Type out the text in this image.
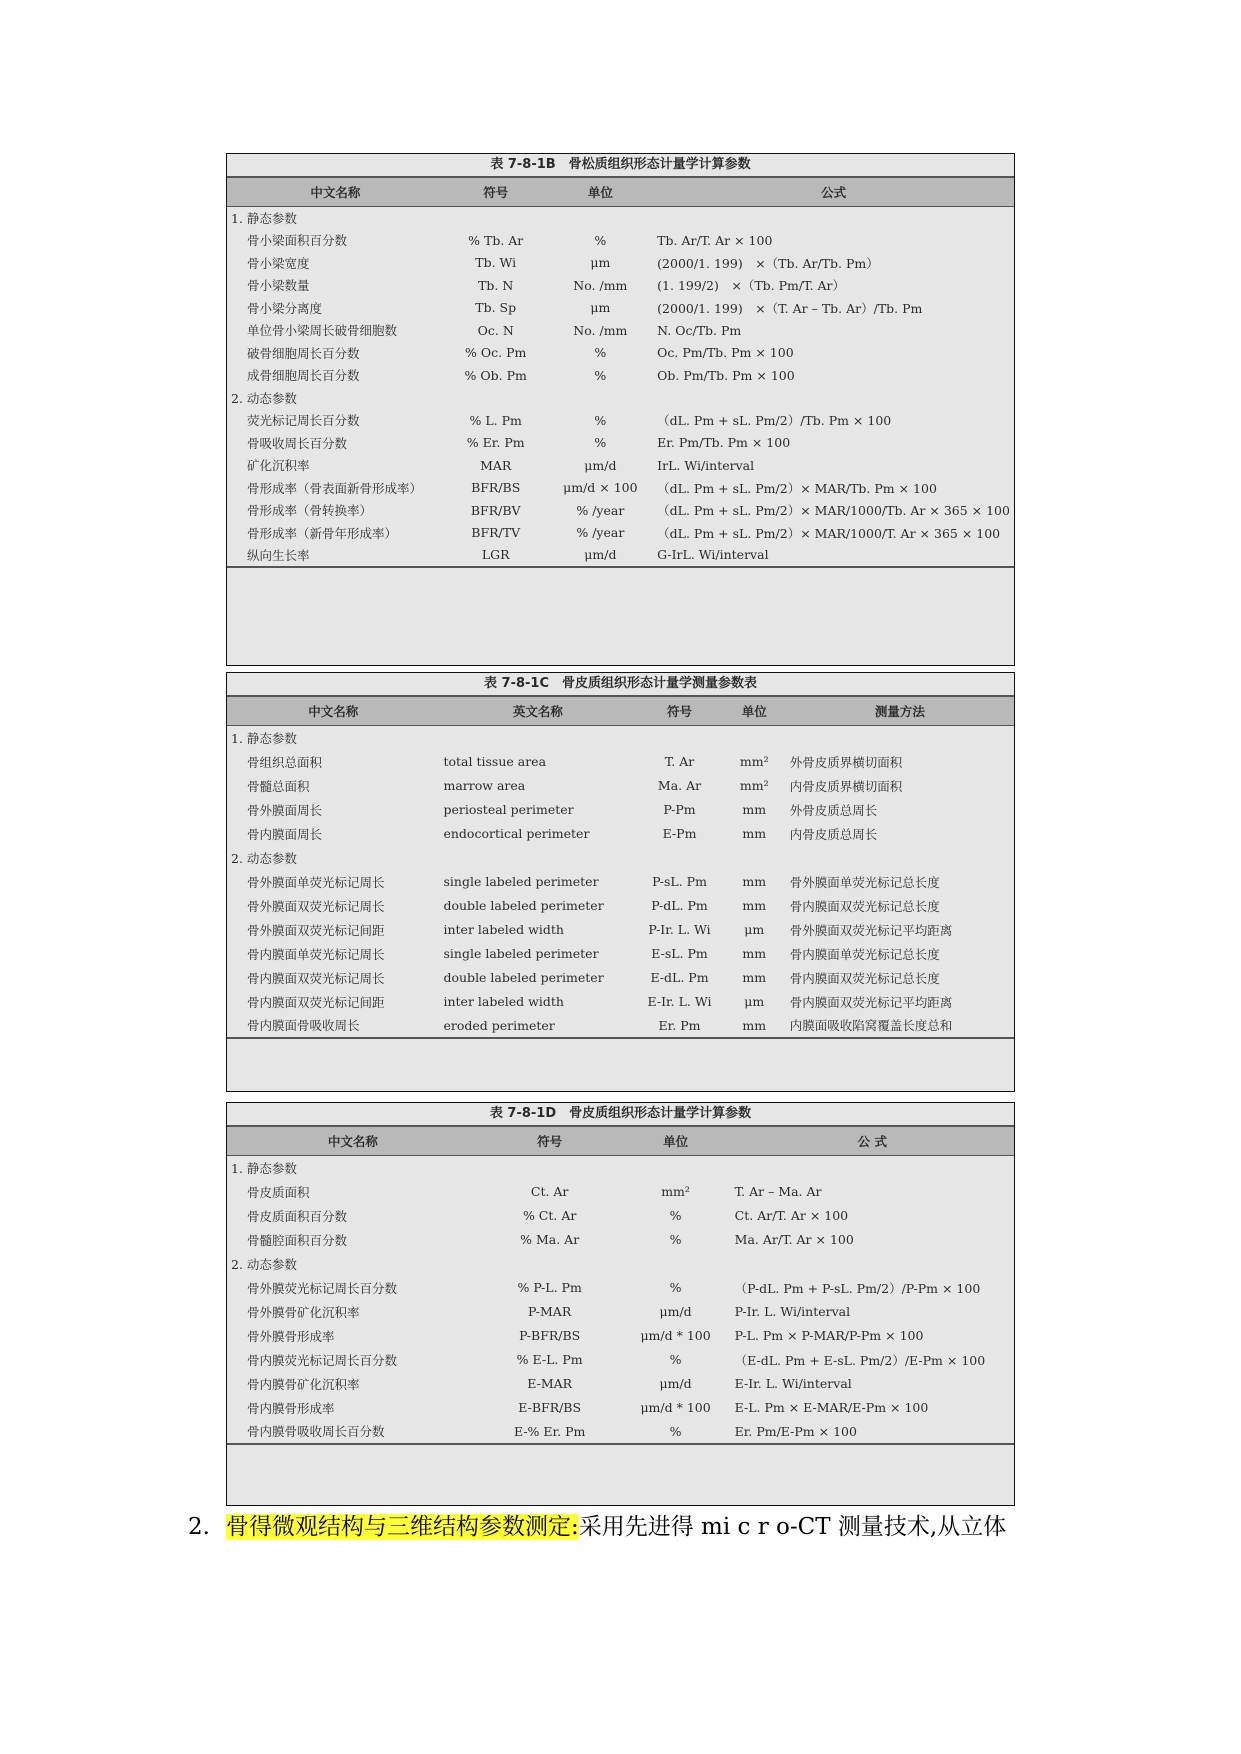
表 7-8-1B　骨松质组织形态计量学计算参数
中文名称	符号	单位	公式
1. 静态参数			
骨小梁面积百分数	% Tb. Ar	%	Tb. Ar/T. Ar × 100
骨小梁宽度	Tb. Wi	μm	(2000/1. 199)　×（Tb. Ar/Tb. Pm）
骨小梁数量	Tb. N	No. /mm	(1. 199/2)　×（Tb. Pm/T. Ar）
骨小梁分离度	Tb. Sp	μm	(2000/1. 199)　×（T. Ar – Tb. Ar）/Tb. Pm
单位骨小梁周长破骨细胞数	Oc. N	No. /mm	N. Oc/Tb. Pm
破骨细胞周长百分数	% Oc. Pm	%	Oc. Pm/Tb. Pm × 100
成骨细胞周长百分数	% Ob. Pm	%	Ob. Pm/Tb. Pm × 100
2. 动态参数			
荧光标记周长百分数	% L. Pm	%	（dL. Pm + sL. Pm/2）/Tb. Pm × 100
骨吸收周长百分数	% Er. Pm	%	Er. Pm/Tb. Pm × 100
矿化沉积率	MAR	μm/d	IrL. Wi/interval
骨形成率（骨表面新骨形成率）	BFR/BS	μm/d × 100	（dL. Pm + sL. Pm/2）× MAR/Tb. Pm × 100
骨形成率（骨转换率）	BFR/BV	% /year	（dL. Pm + sL. Pm/2）× MAR/1000/Tb. Ar × 365 × 100
骨形成率（新骨年形成率）	BFR/TV	% /year	（dL. Pm + sL. Pm/2）× MAR/1000/T. Ar × 365 × 100
纵向生长率	LGR	μm/d	G-IrL. Wi/interval
表 7-8-1C　骨皮质组织形态计量学测量参数表
中文名称	英文名称	符号	单位	测量方法
1. 静态参数				
骨组织总面积	total tissue area	T. Ar	mm²	外骨皮质界横切面积
骨髓总面积	marrow area	Ma. Ar	mm²	内骨皮质界横切面积
骨外膜面周长	periosteal perimeter	P-Pm	mm	外骨皮质总周长
骨内膜面周长	endocortical perimeter	E-Pm	mm	内骨皮质总周长
2. 动态参数				
骨外膜面单荧光标记周长	single labeled perimeter	P-sL. Pm	mm	骨外膜面单荧光标记总长度
骨外膜面双荧光标记周长	double labeled perimeter	P-dL. Pm	mm	骨内膜面双荧光标记总长度
骨外膜面双荧光标记间距	inter labeled width	P-Ir. L. Wi	μm	骨外膜面双荧光标记平均距离
骨内膜面单荧光标记周长	single labeled perimeter	E-sL. Pm	mm	骨内膜面单荧光标记总长度
骨内膜面双荧光标记周长	double labeled perimeter	E-dL. Pm	mm	骨内膜面双荧光标记总长度
骨内膜面双荧光标记间距	inter labeled width	E-Ir. L. Wi	μm	骨内膜面双荧光标记平均距离
骨内膜面骨吸收周长	eroded perimeter	Er. Pm	mm	内膜面吸收陷窝覆盖长度总和
表 7-8-1D　骨皮质组织形态计量学计算参数
中文名称	符号	单位	公 式
1. 静态参数			
骨皮质面积	Ct. Ar	mm²	T. Ar – Ma. Ar
骨皮质面积百分数	% Ct. Ar	%	Ct. Ar/T. Ar × 100
骨髓腔面积百分数	% Ma. Ar	%	Ma. Ar/T. Ar × 100
2. 动态参数			
骨外膜荧光标记周长百分数	% P-L. Pm	%	（P-dL. Pm + P-sL. Pm/2）/P-Pm × 100
骨外膜骨矿化沉积率	P-MAR	μm/d	P-Ir. L. Wi/interval
骨外膜骨形成率	P-BFR/BS	μm/d * 100	P-L. Pm × P-MAR/P-Pm × 100
骨内膜荧光标记周长百分数	% E-L. Pm	%	（E-dL. Pm + E-sL. Pm/2）/E-Pm × 100
骨内膜骨矿化沉积率	E-MAR	μm/d	E-Ir. L. Wi/interval
骨内膜骨形成率	E-BFR/BS	μm/d * 100	E-L. Pm × E-MAR/E-Pm × 100
骨内膜骨吸收周长百分数	E-% Er. Pm	%	Er. Pm/E-Pm × 100
2. 骨得微观结构与三维结构参数测定:采用先进得 mi c r o-CT 测量技术,从立体
